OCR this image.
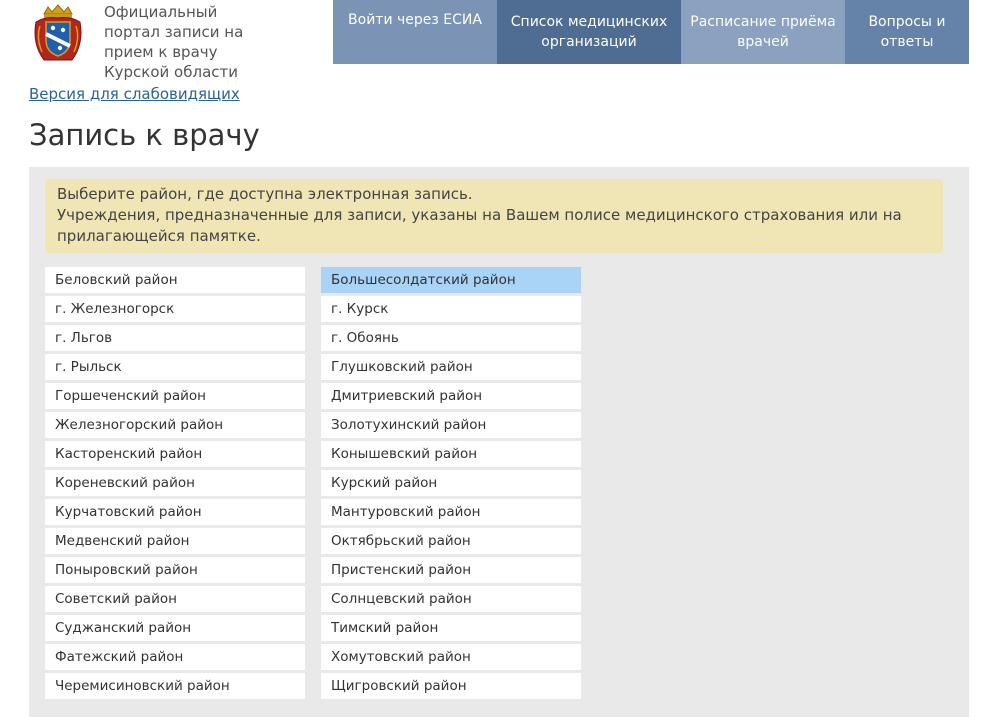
Официальный портал записи на прием к врачу Курской области
Версия для слабовидящих
Войти через ЕСИА	Список медицинских организаций
Расписание приёма врачей
Вопросы и ответы
Запись к врачу

Выберите район, где доступна электронная запись.

Учреждения, предназначенные для записи, указаны на Вашем полисе медицинского страхования или на прилагающейся памятке.

Беловский район
г. Железногорск
г. Льгов
г. Рыльск
Горшеченский район
Железногорский район
Касторенский район
Кореневский район
Курчатовский район
Медвенский район
Поныровский район
Советский район
Суджанский район
Фатежский район
Черемисиновский район
Большесолдатский район
г. Курск
г. Обоянь
Глушковский район
Дмитриевский район
Золотухинский район
Конышевский район
Курский район
Мантуровский район
Октябрьский район
Пристенский район
Солнцевский район
Тимский район
Хомутовский район
Щигровский район
